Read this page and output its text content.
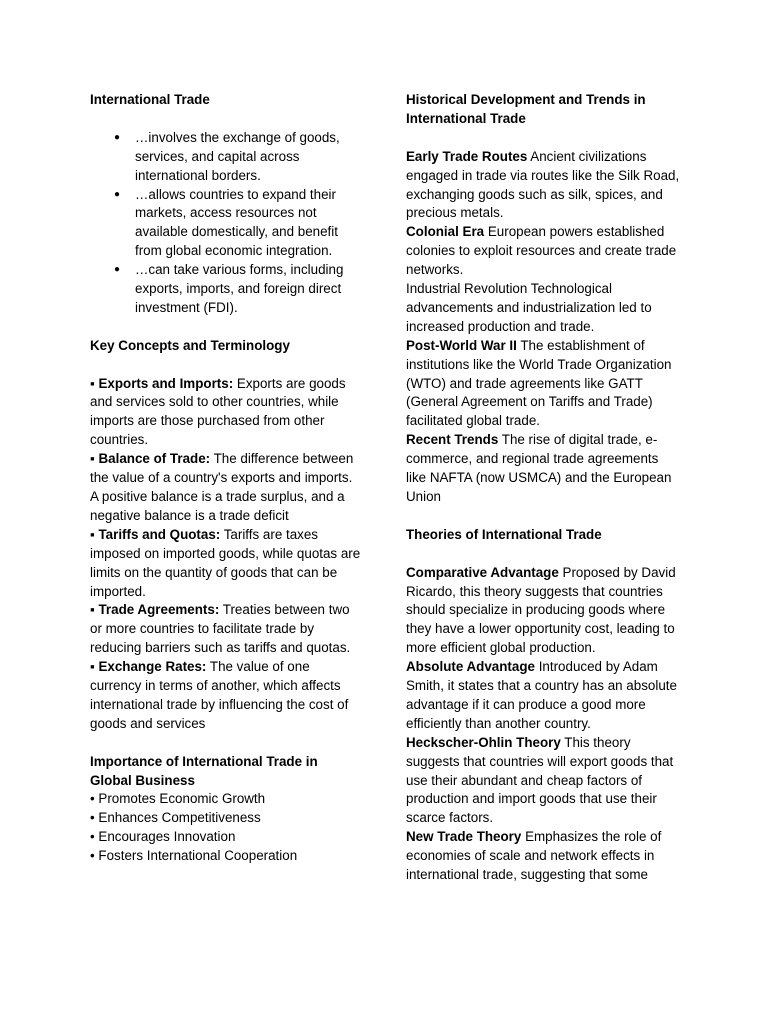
International Trade
● …involves the exchange of goods, services, and capital across international borders.
● …allows countries to expand their markets, access resources not available domestically, and benefit from global economic integration.
● …can take various forms, including exports, imports, and foreign direct investment (FDI).
Key Concepts and Terminology

▪ Exports and Imports: Exports are goods and services sold to other countries, while imports are those purchased from other countries.

▪ Balance of Trade: The difference between the value of a country's exports and imports. A positive balance is a trade surplus, and a negative balance is a trade deficit

▪ Tariffs and Quotas: Tariffs are taxes imposed on imported goods, while quotas are limits on the quantity of goods that can be imported.

▪ Trade Agreements: Treaties between two or more countries to facilitate trade by reducing barriers such as tariffs and quotas.

▪ Exchange Rates: The value of one currency in terms of another, which affects international trade by influencing the cost of goods and services

Importance of International Trade in Global Business

• Promotes Economic Growth

• Enhances Competitiveness

• Encourages Innovation

• Fosters International Cooperation

Historical Development and Trends in International Trade

Early Trade Routes Ancient civilizations engaged in trade via routes like the Silk Road, exchanging goods such as silk, spices, and precious metals.

Colonial Era European powers established colonies to exploit resources and create trade networks.

Industrial Revolution Technological advancements and industrialization led to increased production and trade.

Post-World War II The establishment of institutions like the World Trade Organization (WTO) and trade agreements like GATT (General Agreement on Tariffs and Trade) facilitated global trade.

Recent Trends The rise of digital trade, e-commerce, and regional trade agreements like NAFTA (now USMCA) and the European Union

Theories of International Trade

Comparative Advantage Proposed by David Ricardo, this theory suggests that countries should specialize in producing goods where they have a lower opportunity cost, leading to more efficient global production.

Absolute Advantage Introduced by Adam Smith, it states that a country has an absolute advantage if it can produce a good more efficiently than another country.

Heckscher-Ohlin Theory This theory suggests that countries will export goods that use their abundant and cheap factors of production and import goods that use their scarce factors.

New Trade Theory Emphasizes the role of economies of scale and network effects in international trade, suggesting that some
